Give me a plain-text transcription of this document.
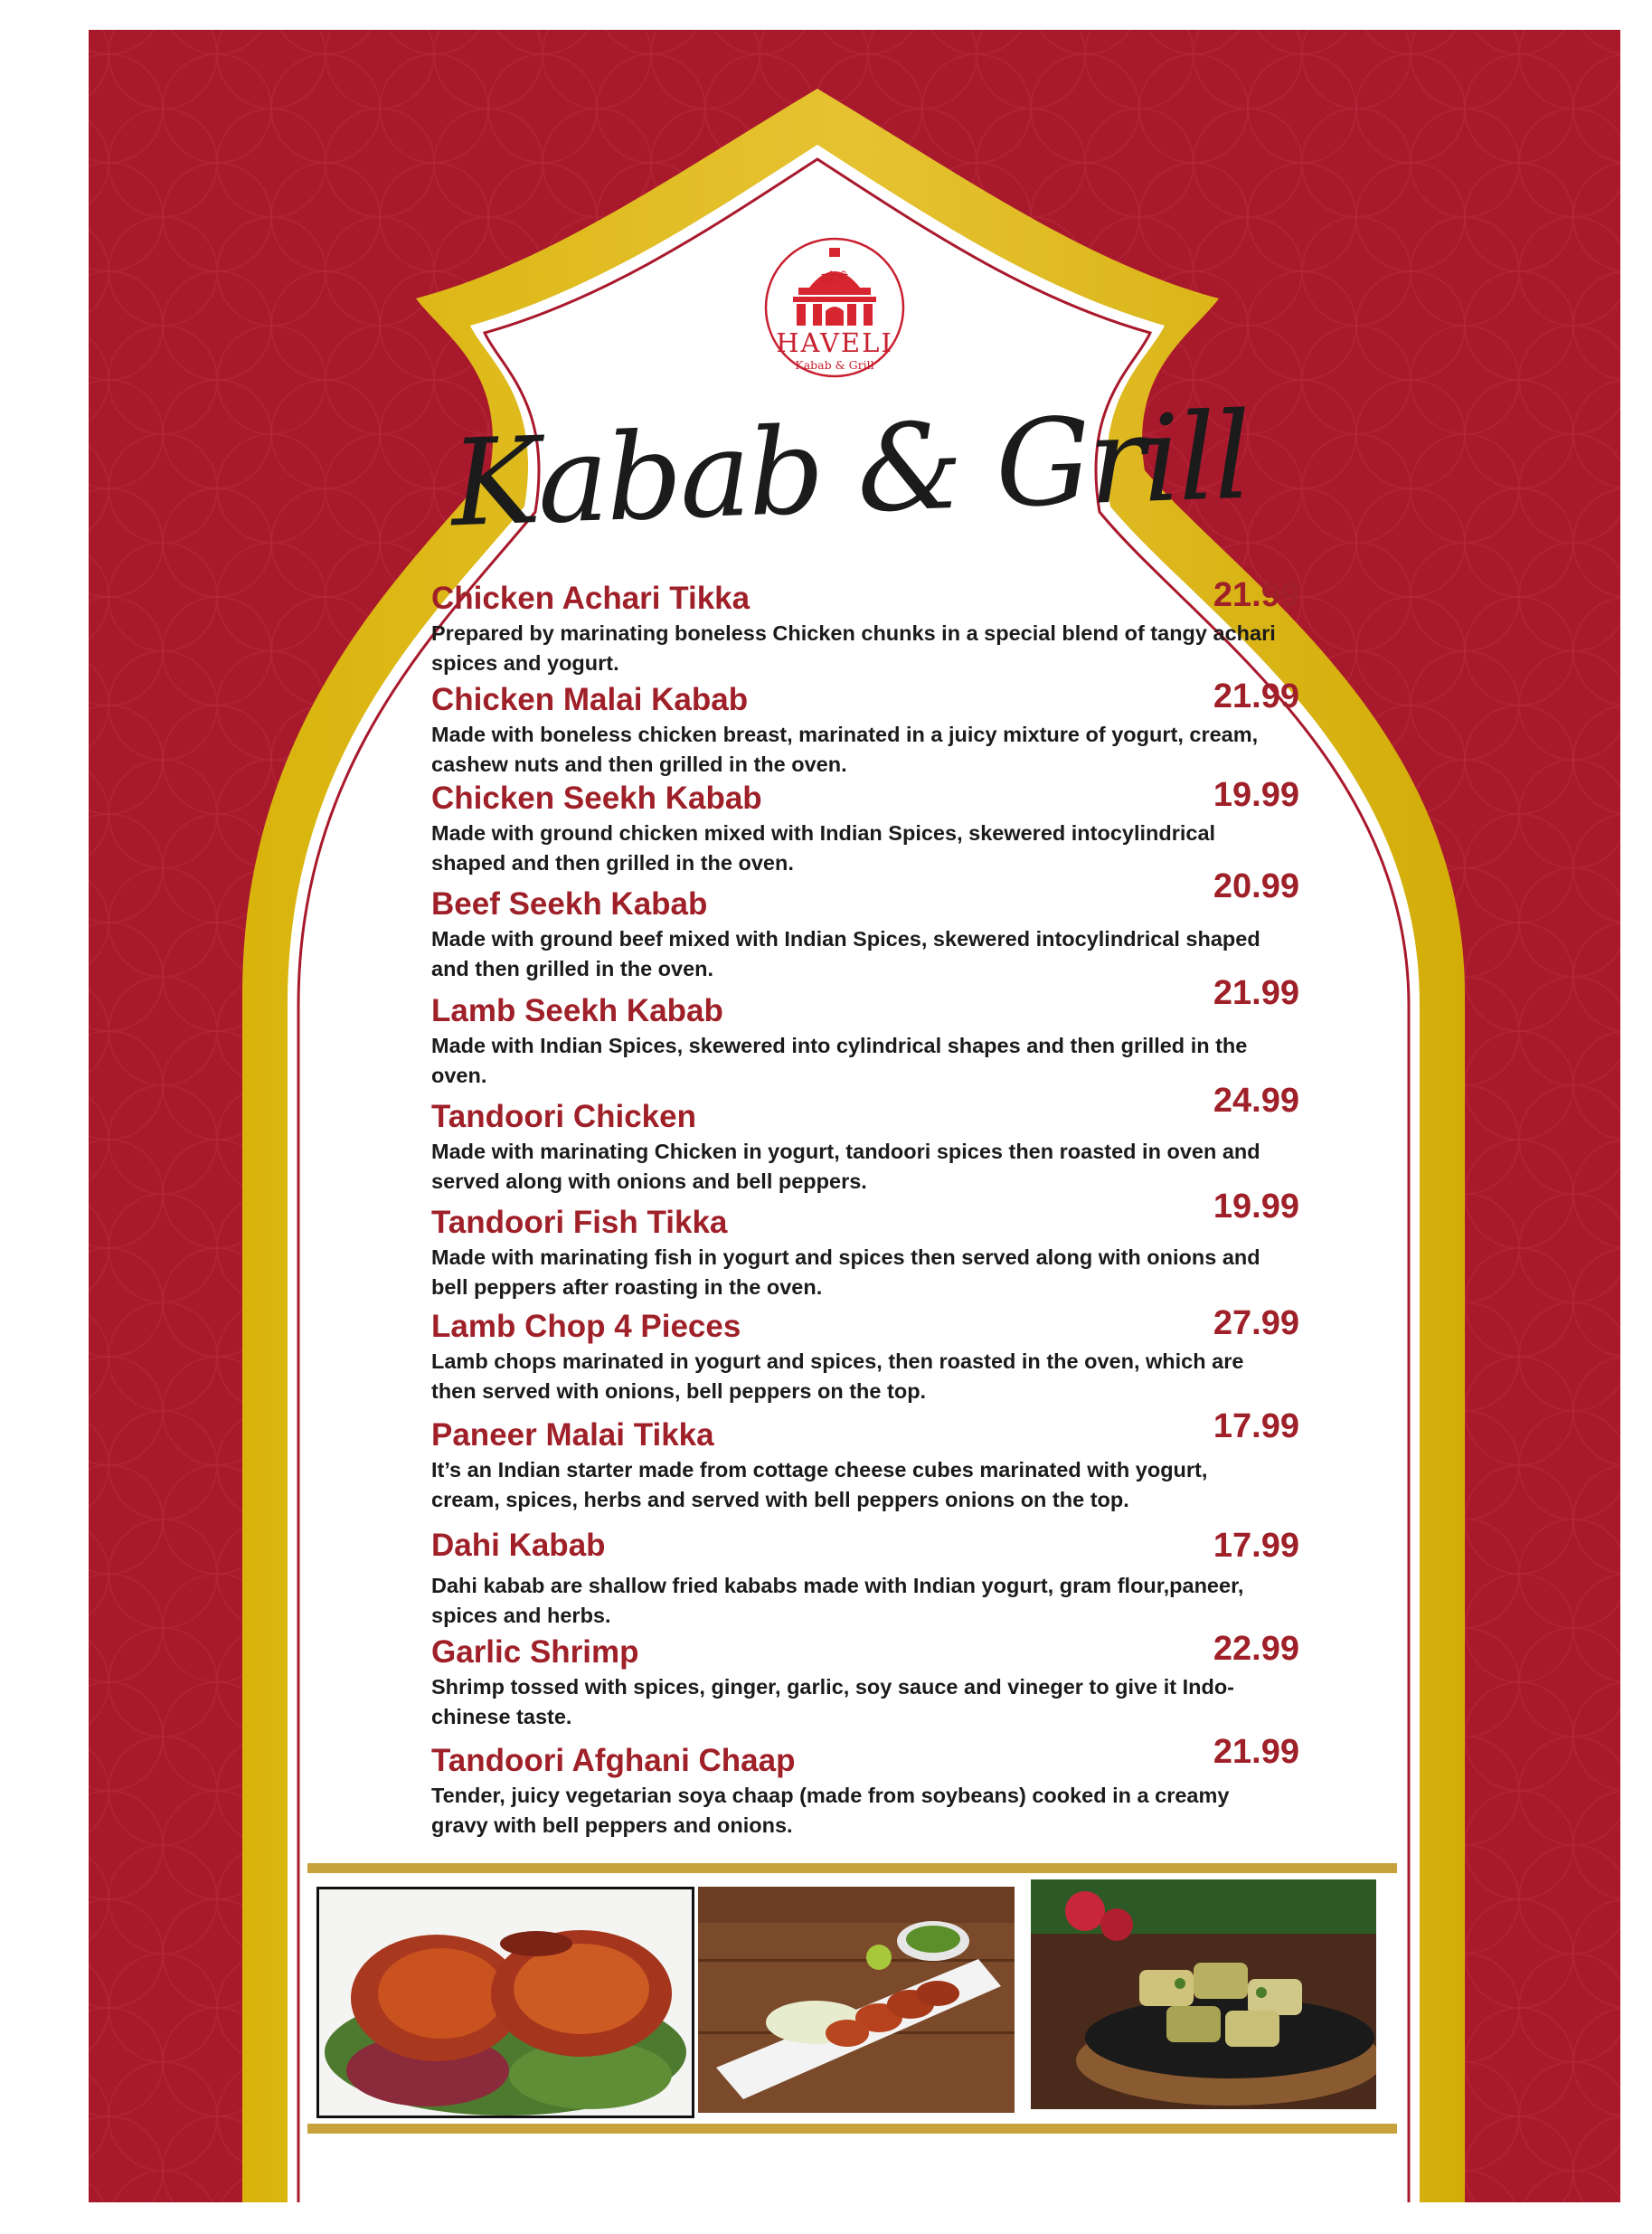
ਹਵੇਲੀ
HAVELI
Kabab & Grill
Kabab & Grill
Chicken Achari Tikka	21.99
Prepared by marinating boneless Chicken chunks in a special blend of tangy achari spices and yogurt.
Chicken Malai Kabab	21.99
Made with boneless chicken breast, marinated in a juicy mixture of yogurt, cream, cashew nuts and then grilled in the oven.
Chicken Seekh Kabab	19.99
Made with ground chicken mixed with Indian Spices, skewered intocylindrical shaped and then grilled in the oven.
Beef Seekh Kabab	20.99
Made with ground beef mixed with Indian Spices, skewered intocylindrical shaped and then grilled in the oven.
Lamb Seekh Kabab	21.99
Made with Indian Spices, skewered into cylindrical shapes and then grilled in the oven.
Tandoori Chicken	24.99
Made with marinating Chicken in yogurt, tandoori spices then roasted in oven and served along with onions and bell peppers.
Tandoori Fish Tikka	19.99
Made with marinating fish in yogurt and spices then served along with onions and bell peppers after roasting in the oven.
Lamb Chop 4 Pieces	27.99
Lamb chops marinated in yogurt and spices, then roasted in the oven, which are then served with onions, bell peppers on the top.
Paneer Malai Tikka	17.99
It’s an Indian starter made from cottage cheese cubes marinated with yogurt, cream, spices, herbs and served with bell peppers onions on the top.
Dahi Kabab	17.99
Dahi kabab are shallow fried kababs made with Indian yogurt, gram flour,paneer, spices and herbs.
Garlic Shrimp	22.99
Shrimp tossed with spices, ginger, garlic, soy sauce and vineger to give it Indo-chinese taste.
Tandoori Afghani Chaap	21.99
Tender, juicy vegetarian soya chaap (made from soybeans) cooked in a creamy gravy with bell peppers and onions.
